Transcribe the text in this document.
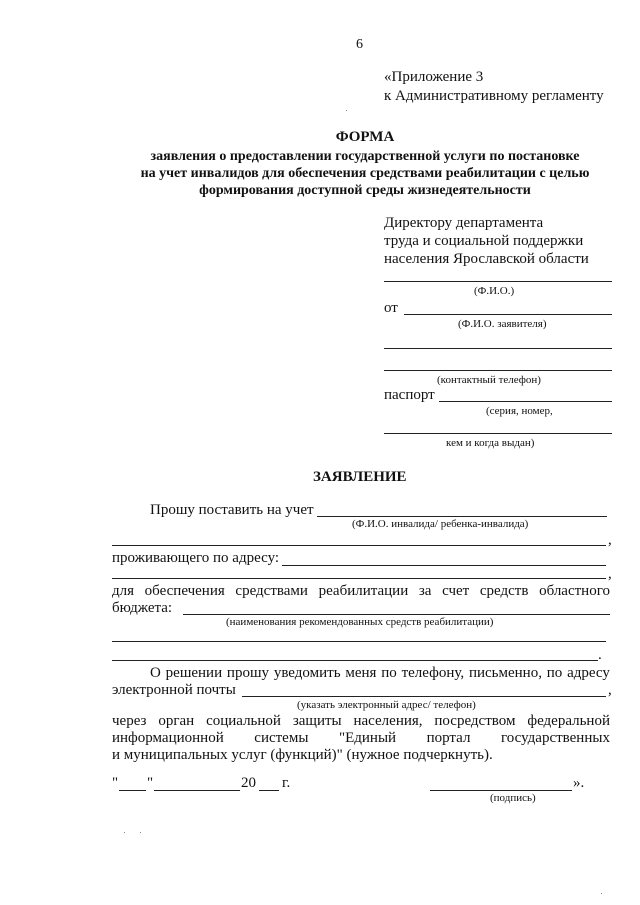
6
«Приложение 3
к Административному регламенту
ФОРМА
заявления о предоставлении государственной услуги по постановке
на учет инвалидов для обеспечения средствами реабилитации с целью
формирования доступной среды жизнедеятельности
Директору департамента
труда и социальной поддержки
населения Ярославской области
(Ф.И.О.)
от
(Ф.И.О. заявителя)
(контактный телефон)
паспорт
(серия, номер,
кем и когда выдан)
ЗАЯВЛЕНИЕ
Прошу поставить на учет
(Ф.И.О. инвалида/ ребенка-инвалида)
,
проживающего по адресу:
,
для обеспечения средствами реабилитации за счет средств областного
бюджета:
(наименования рекомендованных средств реабилитации)
.
О решении прошу уведомить меня по телефону, письменно, по адресу
электронной почты	,
(указать электронный адрес/ телефон)
через орган социальной защиты населения, посредством федеральной
информационной системы "Единый портал государственных
и муниципальных услуг (функций)" (нужное подчеркнуть).
" "	20 г.	».
(подпись)
